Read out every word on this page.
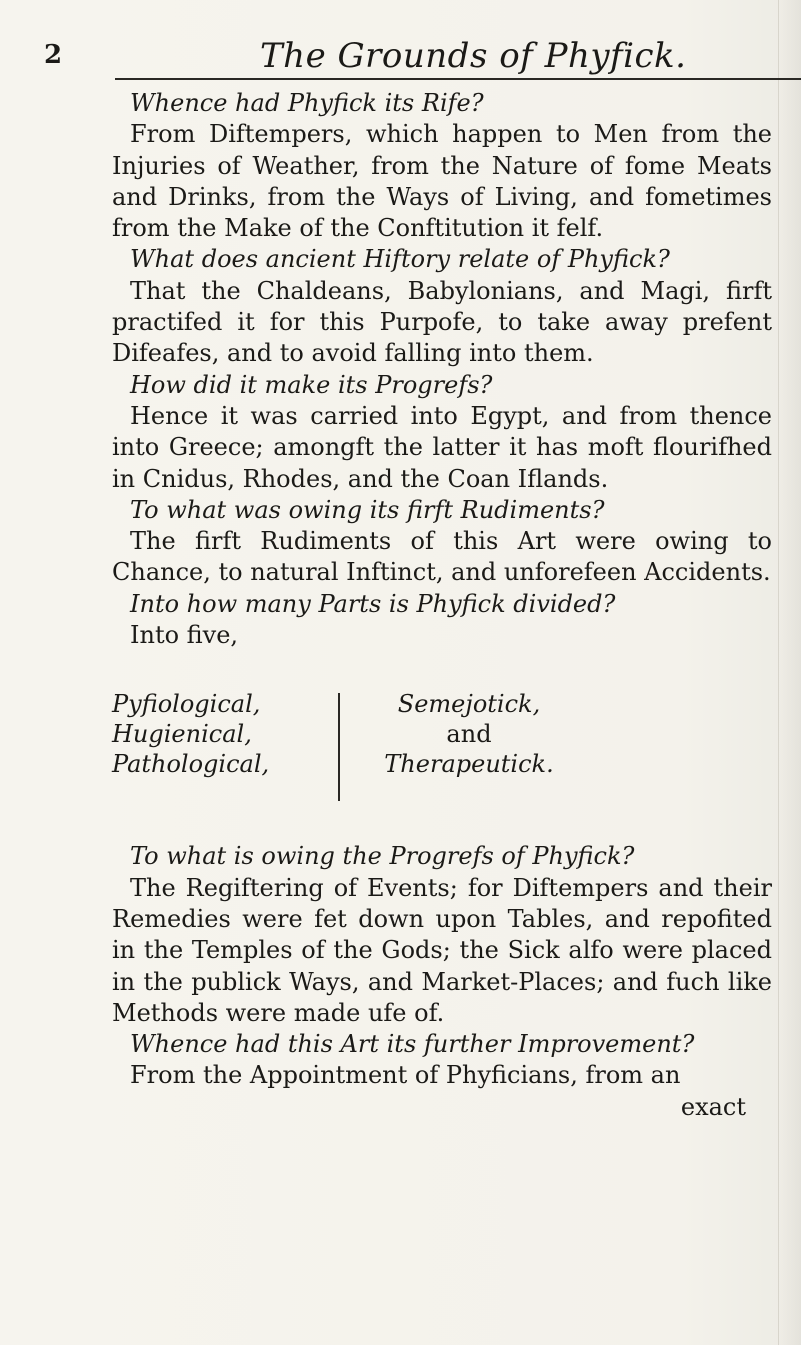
2	The Grounds of Phyfick.

Whence had Phyfick its Rife?

From Diftempers, which happen to Men from the Injuries of Weather, from the Nature of fome Meats and Drinks, from the Ways of Living, and fometimes from the Make of the Conftitution it felf.

What does ancient Hiftory relate of Phyfick?

That the Chaldeans, Babylonians, and Magi, firft practifed it for this Purpofe, to take away prefent Difeafes, and to avoid falling into them.

How did it make its Progrefs?

Hence it was carried into Egypt, and from thence into Greece; amongft the latter it has moft flourifhed in Cnidus, Rhodes, and the Coan Iflands.

To what was owing its firft Rudiments?

The firft Rudiments of this Art were owing to Chance, to natural Inftinct, and unforefeen Accidents.

Into how many Parts is Phyfick divided?

Into five,

Pyfiological,
Hugienical,
Pathological,
Semejotick,
and
Therapeutick.

To what is owing the Progrefs of Phyfick?

The Regiftering of Events; for Diftempers and their Remedies were fet down upon Tables, and repofited in the Temples of the Gods; the Sick alfo were placed in the publick Ways, and Market-Places; and fuch like Methods were made ufe of.

Whence had this Art its further Improvement?

From the Appointment of Phyficians, from an

exact
